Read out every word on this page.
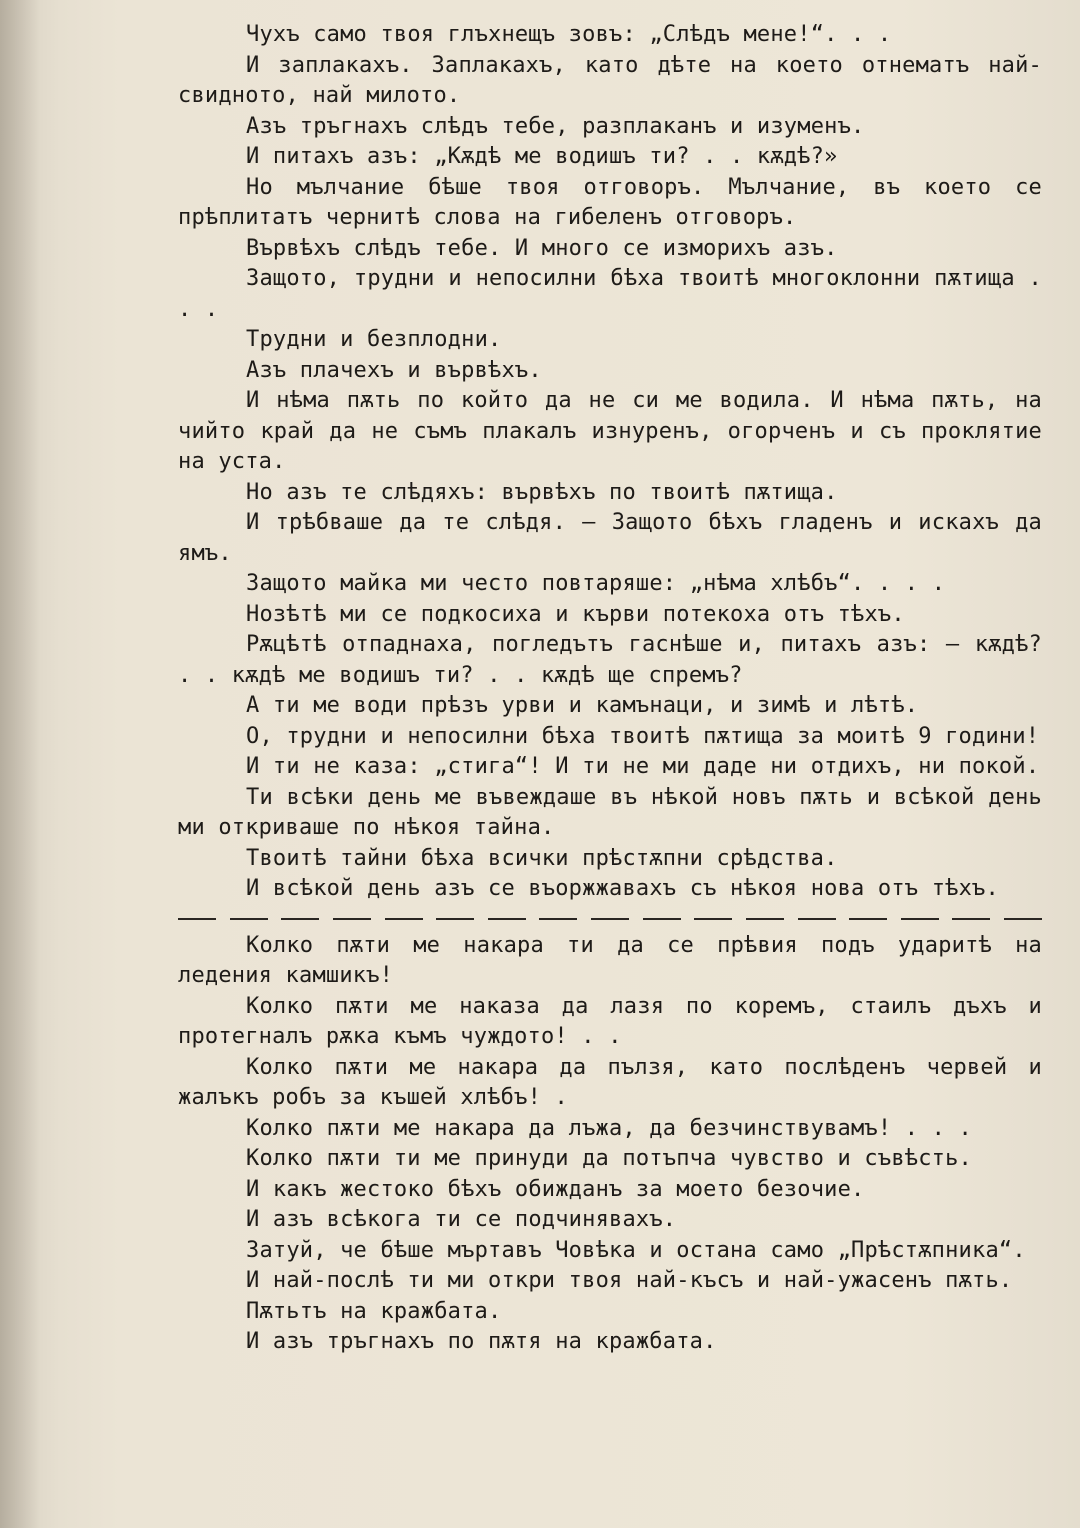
Чухъ само твоя глъхнещъ зовъ: „Слѣдъ мене!“. . .

И заплакахъ. Заплакахъ, като дѣте на което отнематъ най-свидното, най милото.

Азъ тръгнахъ слѣдъ тебе, разплаканъ и изуменъ.

И питахъ азъ: „Кѫдѣ ме водишъ ти? . . кѫдѣ?»

Но мълчание бѣше твоя отговоръ. Мълчание, въ което се прѣплитатъ чернитѣ слова на гибеленъ отговоръ.

Вървѣхъ слѣдъ тебе. И много се изморихъ азъ.

Защото, трудни и непосилни бѣха твоитѣ многоклонни пѫтища . . .

Трудни и безплодни.

Азъ плачехъ и вървѣхъ.

И нѣма пѫть по който да не си ме водила. И нѣма пѫть, на чийто край да не съмъ плакалъ изнуренъ, огорченъ и съ проклятие на уста.

Но азъ те слѣдяхъ: вървѣхъ по твоитѣ пѫтища.

И трѣбваше да те слѣдя. — Защото бѣхъ гладенъ и искахъ да ямъ.

Защото майка ми често повтаряше: „нѣма хлѣбъ“. . . .

Нозѣтѣ ми се подкосиха и кърви потекоха отъ тѣхъ.

Рѫцѣтѣ отпаднаха, погледътъ гаснѣше и, питахъ азъ: — кѫдѣ? . . кѫдѣ ме водишъ ти? . . кѫдѣ ще спремъ?

А ти ме води прѣзъ урви и камънаци, и зимѣ и лѣтѣ.

О, трудни и непосилни бѣха твоитѣ пѫтища за моитѣ 9 години!

И ти не каза: „стига“! И ти не ми даде ни отдихъ, ни покой.

Ти всѣки день ме въвеждаше въ нѣкой новъ пѫть и всѣкой день ми откриваше по нѣкоя тайна.

Твоитѣ тайни бѣха всички прѣстѫпни срѣдства.

И всѣкой день азъ се въоржжавахъ съ нѣкоя нова отъ тѣхъ.

Колко пѫти ме накара ти да се прѣвия подъ ударитѣ на ледения камшикъ!

Колко пѫти ме наказа да лазя по коремъ, стаилъ дъхъ и протегналъ рѫка къмъ чуждото! . .

Колко пѫти ме накара да пълзя, като послѣденъ червей и жалъкъ робъ за къшей хлѣбъ! .

Колко пѫти ме накара да лъжа, да безчинствувамъ! . . .

Колко пѫти ти ме принуди да потъпча чувство и съвѣсть.

И какъ жестоко бѣхъ обижданъ за моето безочие.

И азъ всѣкога ти се подчинявахъ.

Затуй, че бѣше мъртавъ Човѣка и остана само „Прѣстѫпника“.

И най-послѣ ти ми откри твоя най-късъ и най-ужасенъ пѫть.

Пѫтьтъ на кражбата.

И азъ тръгнахъ по пѫтя на кражбата.
